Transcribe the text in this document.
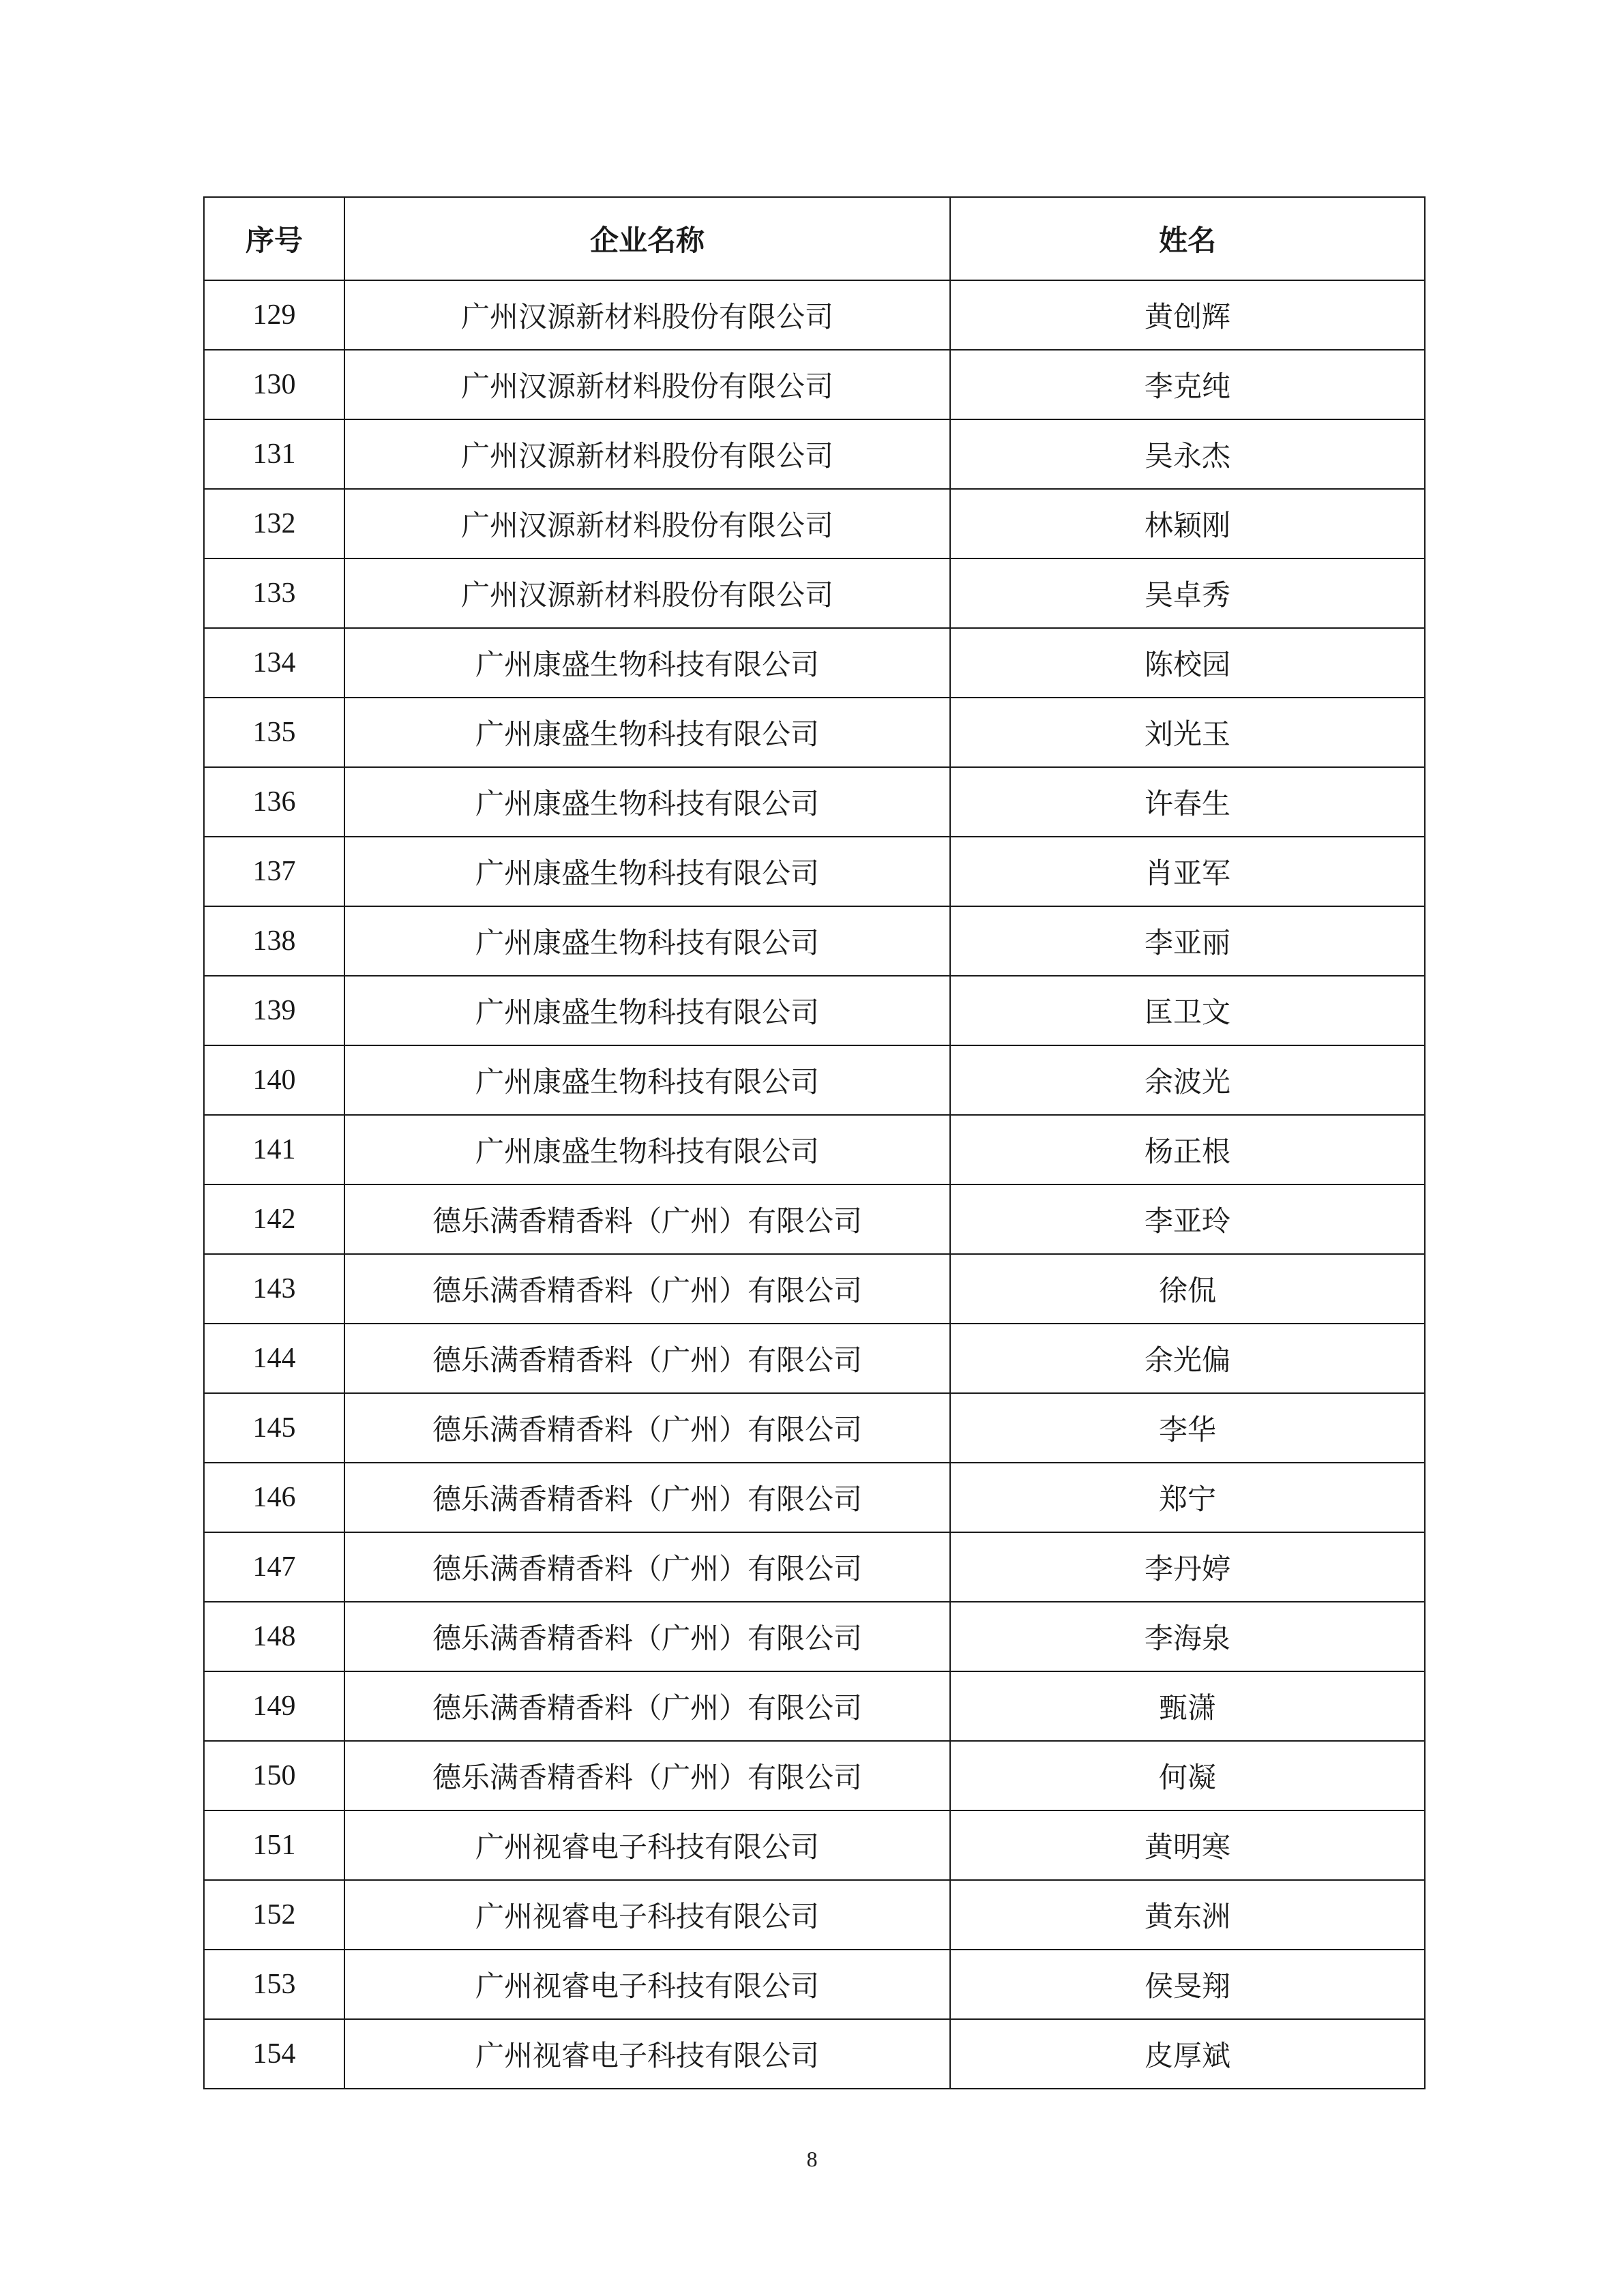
序号	企业名称	姓名
129	广州汉源新材料股份有限公司	黄创辉
130	广州汉源新材料股份有限公司	李克纯
131	广州汉源新材料股份有限公司	吴永杰
132	广州汉源新材料股份有限公司	林颖刚
133	广州汉源新材料股份有限公司	吴卓秀
134	广州康盛生物科技有限公司	陈校园
135	广州康盛生物科技有限公司	刘光玉
136	广州康盛生物科技有限公司	许春生
137	广州康盛生物科技有限公司	肖亚军
138	广州康盛生物科技有限公司	李亚丽
139	广州康盛生物科技有限公司	匡卫文
140	广州康盛生物科技有限公司	余波光
141	广州康盛生物科技有限公司	杨正根
142	德乐满香精香料（广州）有限公司	李亚玲
143	德乐满香精香料（广州）有限公司	徐侃
144	德乐满香精香料（广州）有限公司	余光偏
145	德乐满香精香料（广州）有限公司	李华
146	德乐满香精香料（广州）有限公司	郑宁
147	德乐满香精香料（广州）有限公司	李丹婷
148	德乐满香精香料（广州）有限公司	李海泉
149	德乐满香精香料（广州）有限公司	甄潇
150	德乐满香精香料（广州）有限公司	何凝
151	广州视睿电子科技有限公司	黄明寒
152	广州视睿电子科技有限公司	黄东洲
153	广州视睿电子科技有限公司	侯旻翔
154	广州视睿电子科技有限公司	皮厚斌
8
